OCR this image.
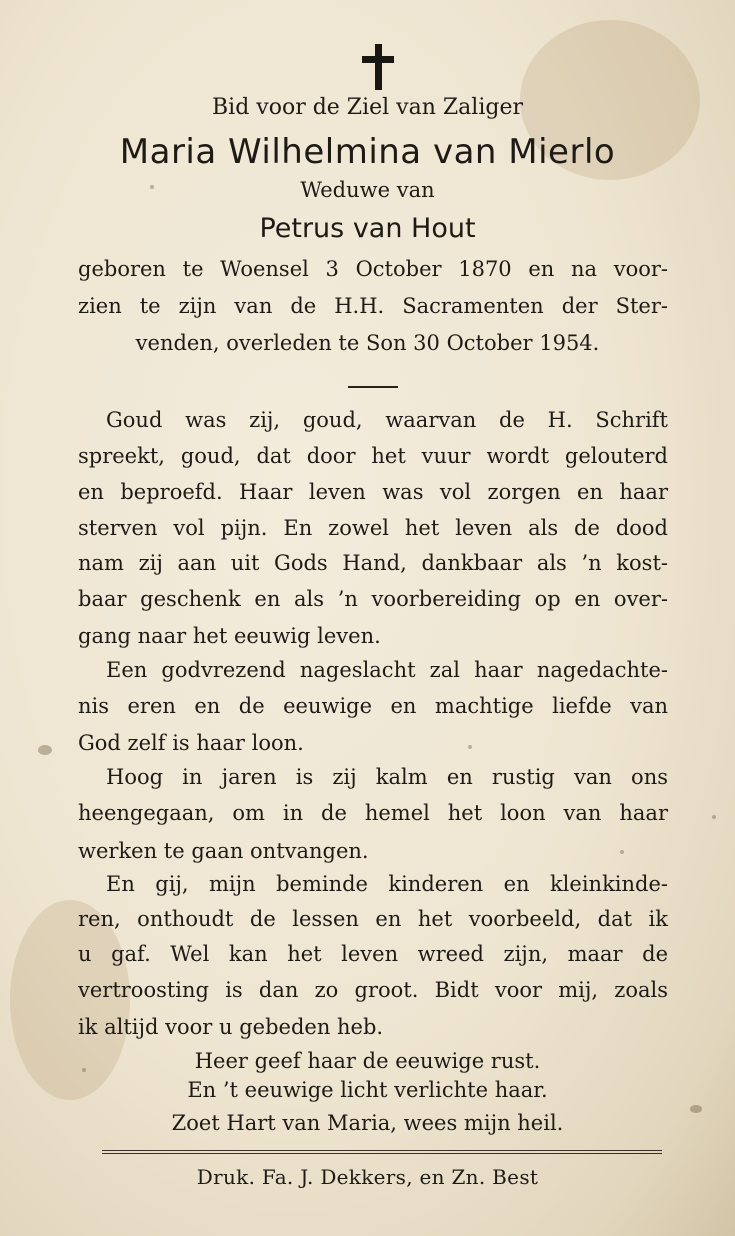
Bid voor de Ziel van Zaliger
Maria Wilhelmina van Mierlo
Weduwe van
Petrus van Hout
geboren te Woensel 3 October 1870 en na voor-
zien te zijn van de H.H. Sacramenten der Ster-
venden, overleden te Son 30 October 1954.
Goud was zij, goud, waarvan de H. Schrift
spreekt, goud, dat door het vuur wordt gelouterd
en beproefd. Haar leven was vol zorgen en haar
sterven vol pijn. En zowel het leven als de dood
nam zij aan uit Gods Hand, dankbaar als ’n kost-
baar geschenk en als ’n voorbereiding op en over-
gang naar het eeuwig leven.
Een godvrezend nageslacht zal haar nagedachte-
nis eren en de eeuwige en machtige liefde van
God zelf is haar loon.
Hoog in jaren is zij kalm en rustig van ons
heengegaan, om in de hemel het loon van haar
werken te gaan ontvangen.
En gij, mijn beminde kinderen en kleinkinde-
ren, onthoudt de lessen en het voorbeeld, dat ik
u gaf. Wel kan het leven wreed zijn, maar de
vertroosting is dan zo groot. Bidt voor mij, zoals
ik altijd voor u gebeden heb.
Heer geef haar de eeuwige rust.
En ’t eeuwige licht verlichte haar.
Zoet Hart van Maria, wees mijn heil.
Druk. Fa. J. Dekkers, en Zn. Best
